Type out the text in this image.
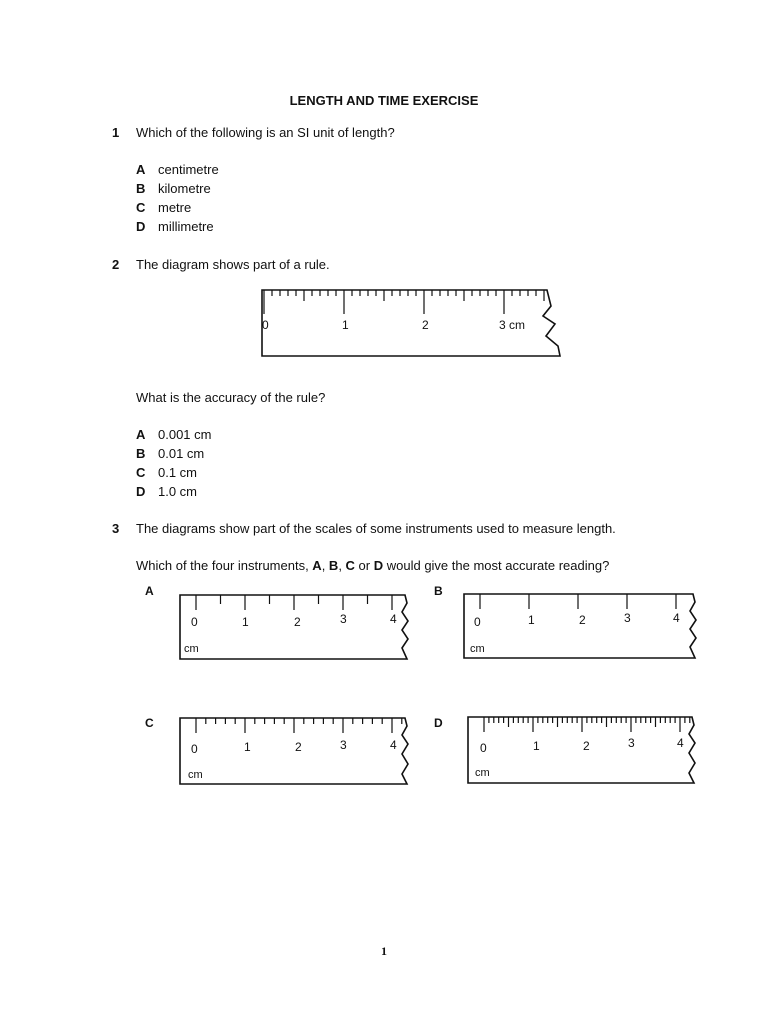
LENGTH AND TIME EXERCISE
1 Which of the following is an SI unit of length?
A centimetre
B kilometre
C metre
D millimetre
2 The diagram shows part of a rule.
0	1	2	3 cm
What is the accuracy of the rule?
A 0.001 cm
B 0.01 cm
C 0.1 cm
D 1.0 cm
3 The diagrams show part of the scales of some instruments used to measure length.
Which of the four instruments, A, B, C or D would give the most accurate reading?
A	B
C	D
0	1	2	3	4
cm
0	1	2	3	4
cm
0	1	2	3	4
cm
0	1	2	3	4
cm
1
